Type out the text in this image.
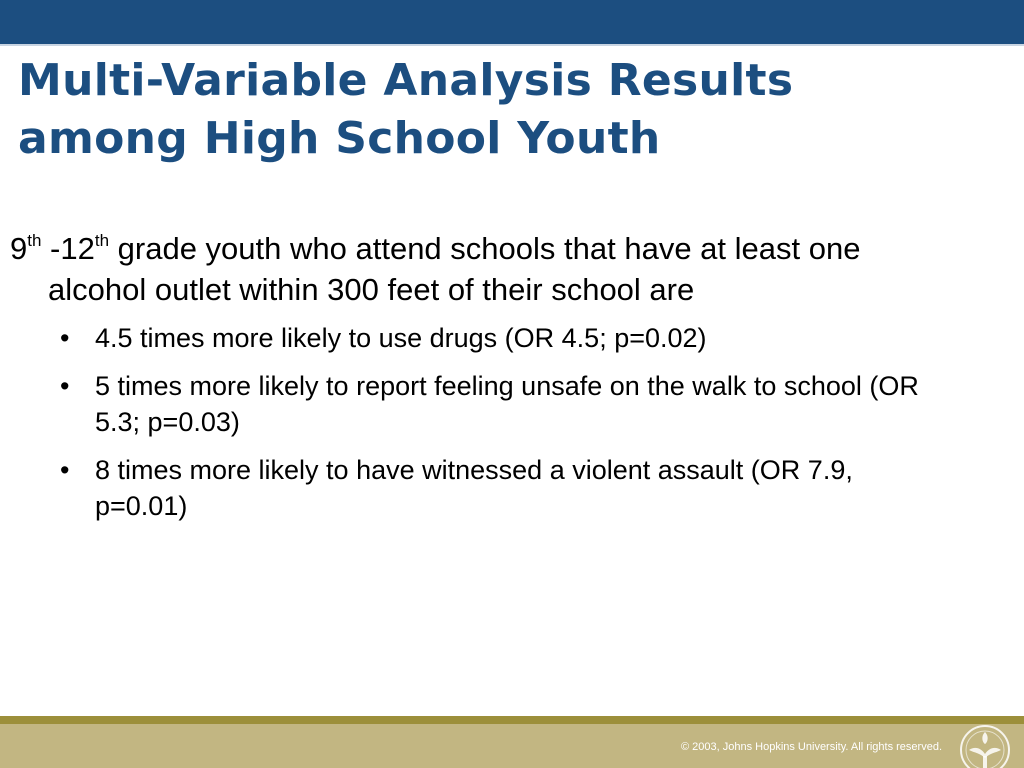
Multi-Variable Analysis Results
among High School Youth

9th -12th grade youth who attend schools that have at least one alcohol outlet within 300 feet of their school are

• 4.5 times more likely to use drugs (OR 4.5; p=0.02)
• 5 times more likely to report feeling unsafe on the walk to school (OR 5.3; p=0.03)
• 8 times more likely to have witnessed a violent assault (OR 7.9, p=0.01)
© 2003, Johns Hopkins University. All rights reserved.
